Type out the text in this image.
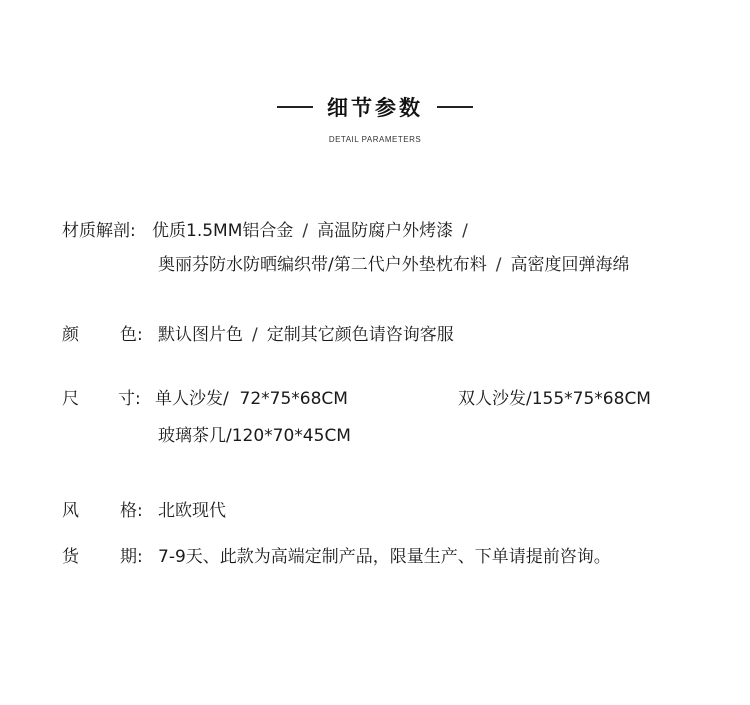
细节参数
DETAIL PARAMETERS
材质解剖: 优质1.5MM铝合金 / 高温防腐户外烤漆 /
奥丽芬防水防晒编织带/第二代户外垫枕布料 / 高密度回弹海绵
颜 色: 默认图片色 / 定制其它颜色请咨询客服
尺 寸: 单人沙发/  72*75*68CM	双人沙发/155*75*68CM
玻璃茶几/120*70*45CM
风 格: 北欧现代
货 期: 7-9天、此款为高端定制产品，限量生产、下单请提前咨询。
